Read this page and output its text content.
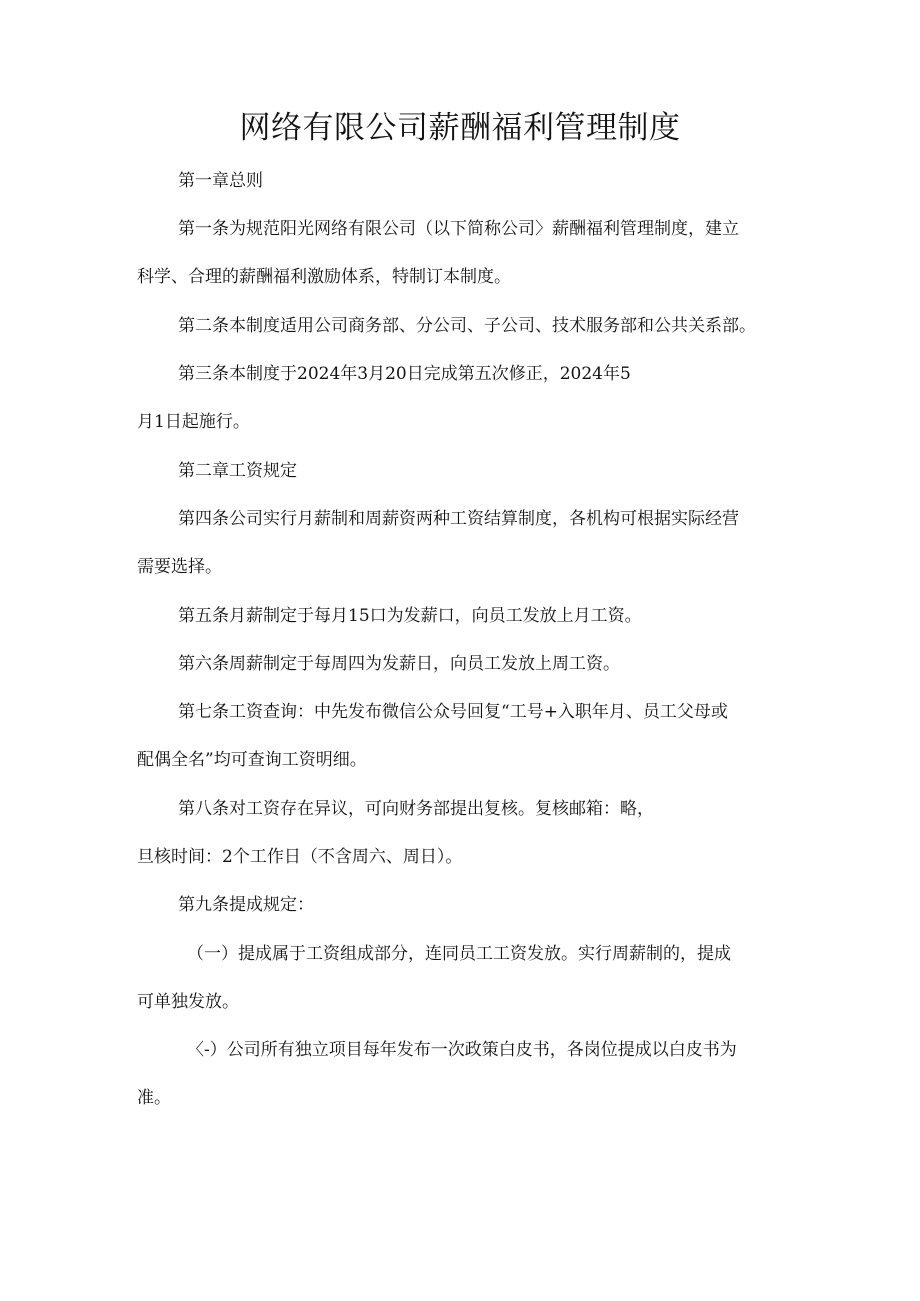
网络有限公司薪酬福利管理制度

第一章总则

第一条为规范阳光网络有限公司（以下简称公司〉薪酬福利管理制度，建立

科学、合理的薪酬福利激励体系，特制订本制度。

第二条本制度适用公司商务部、分公司、子公司、技术服务部和公共关系部。

第三条本制度于2024年3月20日完成第五次修正，2024年5

月1日起施行。

第二章工资规定

第四条公司实行月薪制和周薪资两种工资结算制度，各机构可根据实际经营

需要选择。

第五条月薪制定于每月15口为发薪口，向员工发放上月工资。

第六条周薪制定于每周四为发薪日，向员工发放上周工资。

第七条工资查询：中先发布微信公众号回复“工号+入职年月、员工父母或

配偶全名”均可查询工资明细。

第八条对工资存在异议，可向财务部提出复核。复核邮箱：略，

旦核时间：2个工作日（不含周六、周日）。

第九条提成规定：

（一）提成属于工资组成部分，连同员工工资发放。实行周薪制的，提成

可单独发放。

〈-）公司所有独立项目每年发布一次政策白皮书，各岗位提成以白皮书为

准。
